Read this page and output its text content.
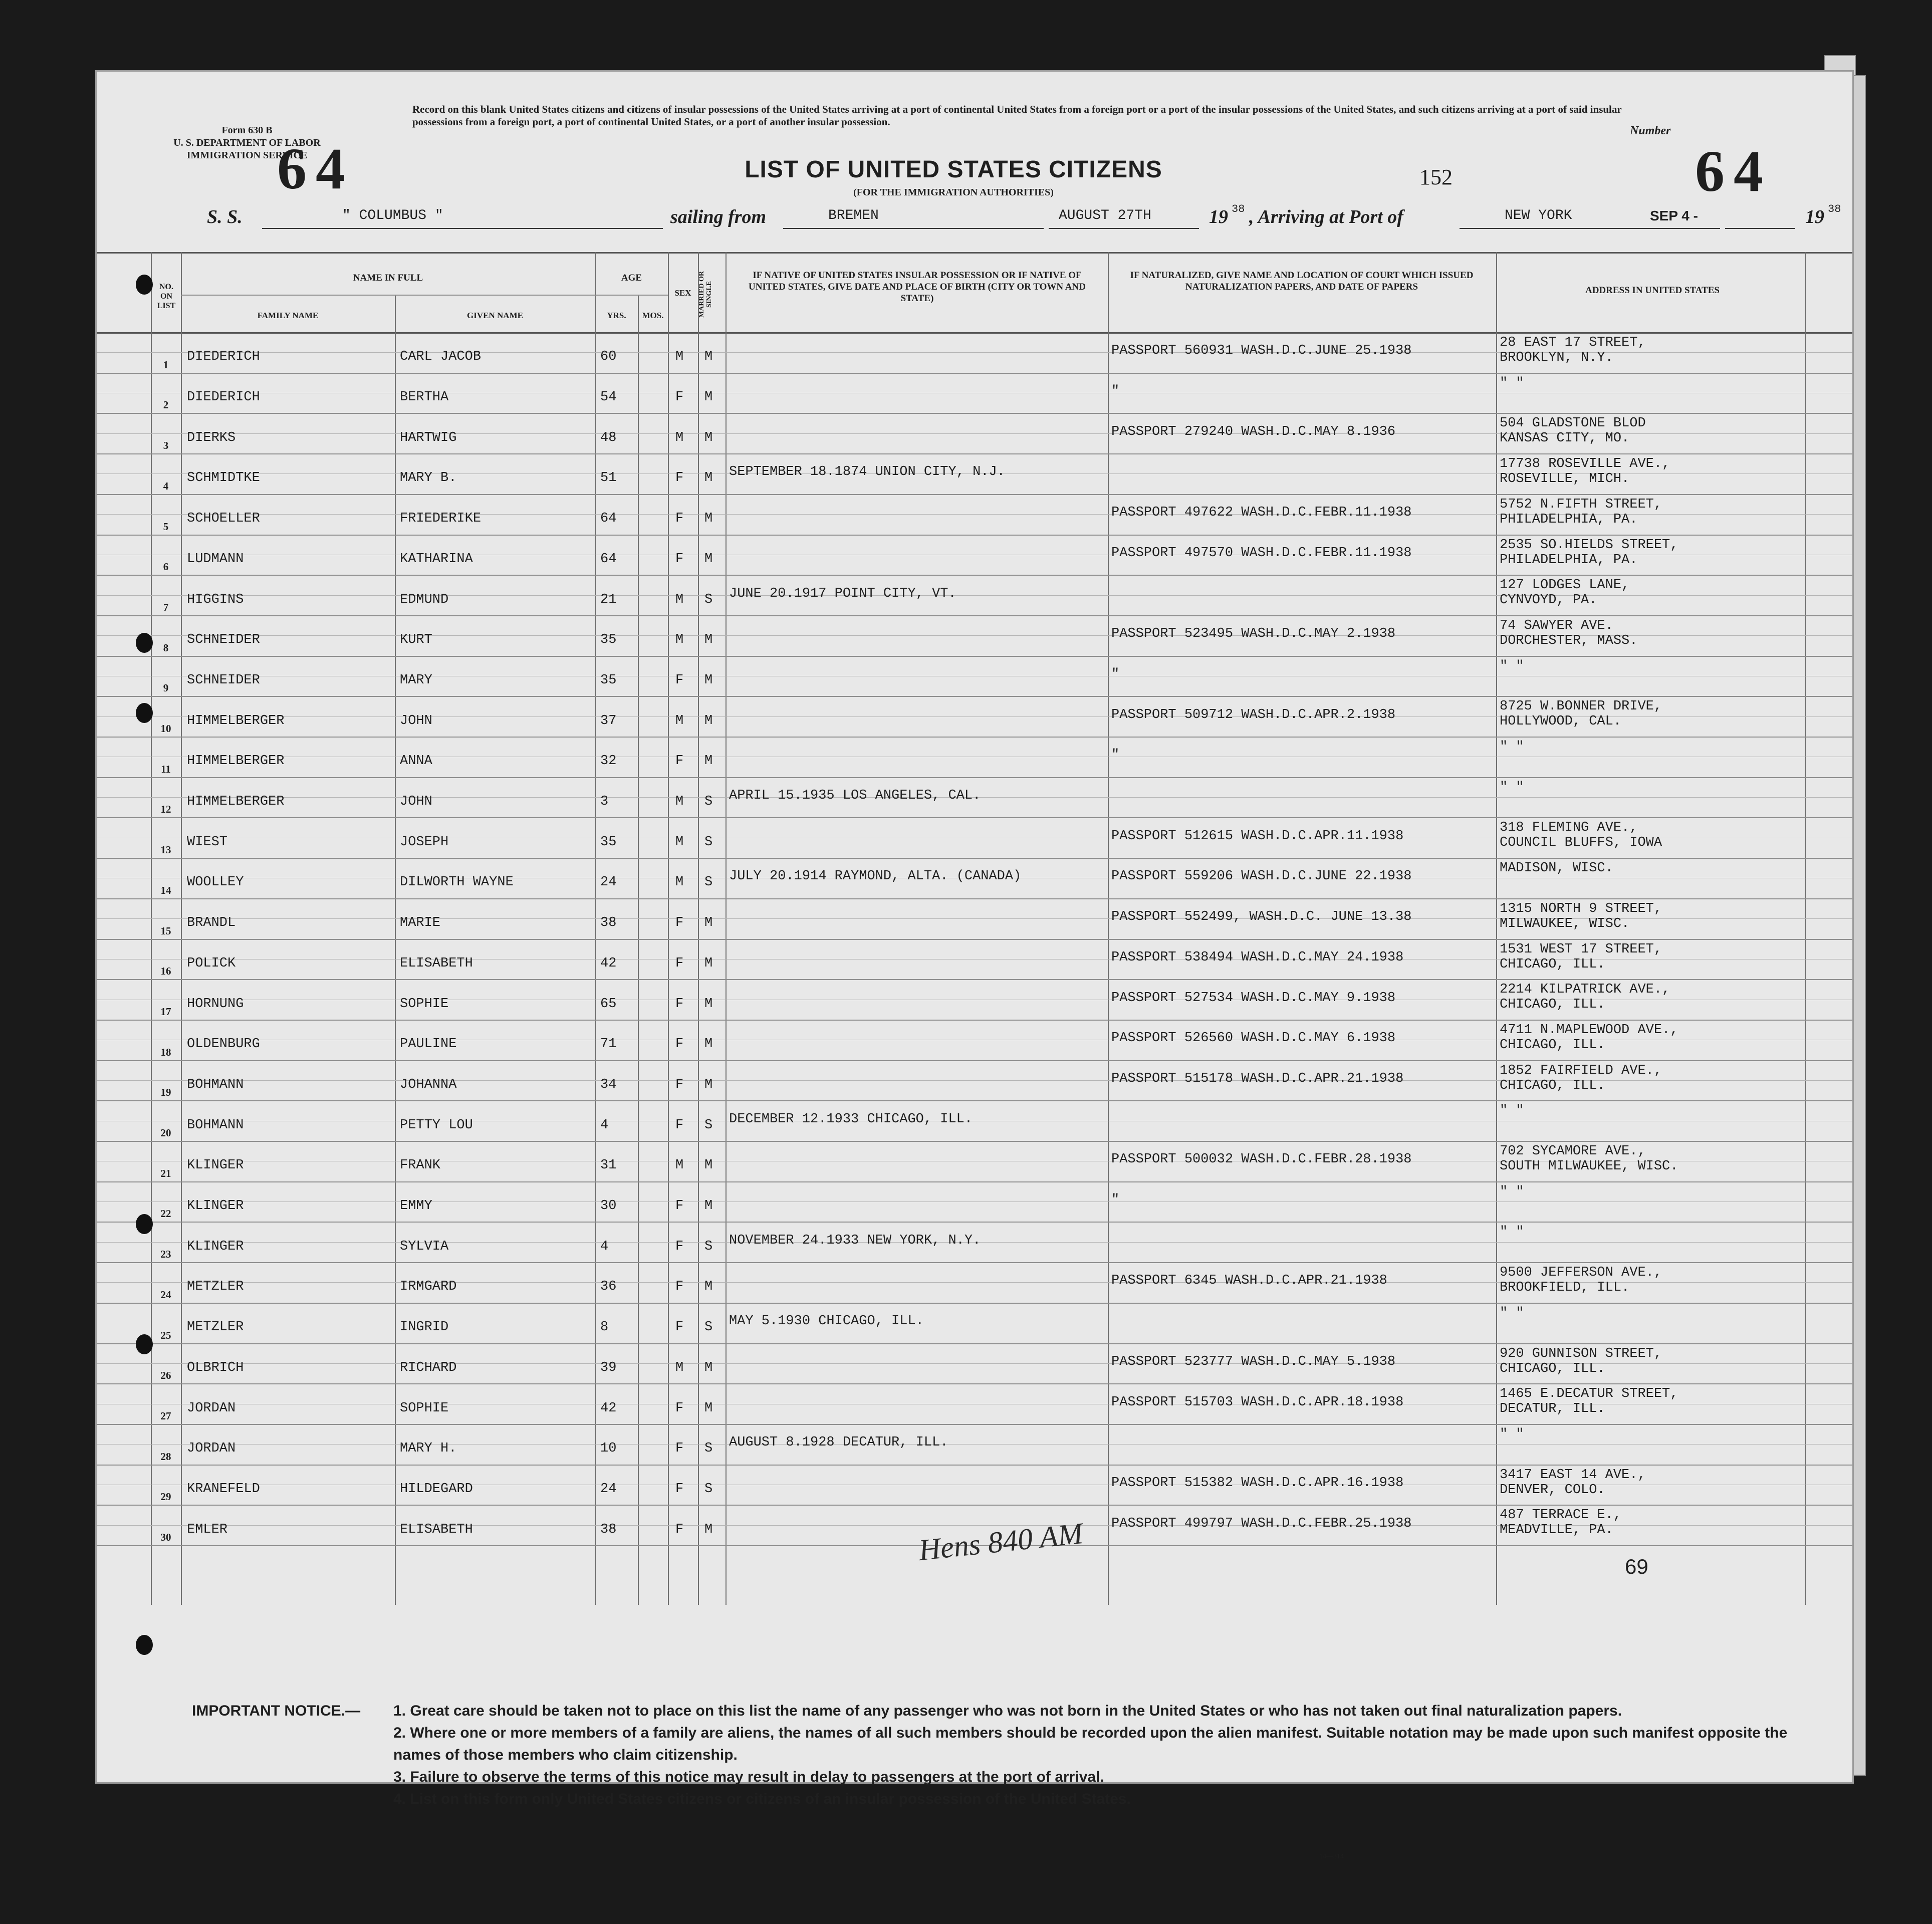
Form 630 B
U. S. DEPARTMENT OF LABOR
IMMIGRATION SERVICE
64
Record on this blank United States citizens and citizens of insular possessions of the United States arriving at a port of continental United States from a foreign port or a port of the insular possessions of the United States, and such citizens arriving at a port of said insular possessions from a foreign port, a port of continental United States, or a port of another insular possession.
Number
LIST OF UNITED STATES CITIZENS
(FOR THE IMMIGRATION AUTHORITIES)
152	64
S. S.	" COLUMBUS "	sailing from	BREMEN	AUGUST 27TH	19 38 , Arriving at Port of	NEW YORK	SEP 4 -	19 38
NO. ON LIST
NAME IN FULL
FAMILY NAME	GIVEN NAME
AGE
YRS.	MOS.
SEX MARRIED OR SINGLE
IF NATIVE OF UNITED STATES INSULAR POSSESSION OR IF NATIVE OF UNITED STATES, GIVE DATE AND PLACE OF BIRTH (CITY OR TOWN AND STATE)
IF NATURALIZED, GIVE NAME AND LOCATION OF COURT WHICH ISSUED NATURALIZATION PAPERS, AND DATE OF PAPERS	ADDRESS IN UNITED STATES
1
DIEDERICH	CARL JACOB	60	M M	PASSPORT 560931 WASH.D.C.JUNE 25.1938
28 EAST 17 STREET,
BROOKLYN, N.Y.
2
DIEDERICH	BERTHA	54	F M	"
" "
3
DIERKS	HARTWIG	48	M M	PASSPORT 279240 WASH.D.C.MAY 8.1936
504 GLADSTONE BLOD
KANSAS CITY, MO.
4
SCHMIDTKE	MARY B.	51	F M SEPTEMBER 18.1874 UNION CITY, N.J.
17738 ROSEVILLE AVE.,
ROSEVILLE, MICH.
5
SCHOELLER	FRIEDERIKE	64	F M	PASSPORT 497622 WASH.D.C.FEBR.11.1938
5752 N.FIFTH STREET,
PHILADELPHIA, PA.
6
LUDMANN	KATHARINA	64	F M	PASSPORT 497570 WASH.D.C.FEBR.11.1938
2535 SO.HIELDS STREET,
PHILADELPHIA, PA.
7
HIGGINS	EDMUND	21	M S JUNE 20.1917 POINT CITY, VT.
127 LODGES LANE,
CYNVOYD, PA.
8
SCHNEIDER	KURT	35	M M	PASSPORT 523495 WASH.D.C.MAY 2.1938
74 SAWYER AVE.
DORCHESTER, MASS.
9
SCHNEIDER	MARY	35	F M	"
" "
10
HIMMELBERGER	JOHN	37	M M	PASSPORT 509712 WASH.D.C.APR.2.1938
8725 W.BONNER DRIVE,
HOLLYWOOD, CAL.
11
HIMMELBERGER	ANNA	32	F M	"
" "
12
HIMMELBERGER	JOHN	3	M S APRIL 15.1935 LOS ANGELES, CAL.
" "
13
WIEST	JOSEPH	35	M S	PASSPORT 512615 WASH.D.C.APR.11.1938
318 FLEMING AVE.,
COUNCIL BLUFFS, IOWA
14
WOOLLEY	DILWORTH WAYNE	24	M S JULY 20.1914 RAYMOND, ALTA. (CANADA)	PASSPORT 559206 WASH.D.C.JUNE 22.1938
MADISON, WISC.
15
BRANDL	MARIE	38	F M	PASSPORT 552499, WASH.D.C. JUNE 13.38
1315 NORTH 9 STREET,
MILWAUKEE, WISC.
16
POLICK	ELISABETH	42	F M	PASSPORT 538494 WASH.D.C.MAY 24.1938
1531 WEST 17 STREET,
CHICAGO, ILL.
17
HORNUNG	SOPHIE	65	F M	PASSPORT 527534 WASH.D.C.MAY 9.1938
2214 KILPATRICK AVE.,
CHICAGO, ILL.
18
OLDENBURG	PAULINE	71	F M	PASSPORT 526560 WASH.D.C.MAY 6.1938
4711 N.MAPLEWOOD AVE.,
CHICAGO, ILL.
19
BOHMANN	JOHANNA	34	F M	PASSPORT 515178 WASH.D.C.APR.21.1938
1852 FAIRFIELD AVE.,
CHICAGO, ILL.
20
BOHMANN	PETTY LOU	4	F S DECEMBER 12.1933 CHICAGO, ILL.
" "
21
KLINGER	FRANK	31	M M	PASSPORT 500032 WASH.D.C.FEBR.28.1938
702 SYCAMORE AVE.,
SOUTH MILWAUKEE, WISC.
22
KLINGER	EMMY	30	F M	"
" "
23
KLINGER	SYLVIA	4	F S NOVEMBER 24.1933 NEW YORK, N.Y.
" "
24
METZLER	IRMGARD	36	F M	PASSPORT 6345 WASH.D.C.APR.21.1938
9500 JEFFERSON AVE.,
BROOKFIELD, ILL.
25
METZLER	INGRID	8	F S MAY 5.1930 CHICAGO, ILL.
" "
26
OLBRICH	RICHARD	39	M M	PASSPORT 523777 WASH.D.C.MAY 5.1938
920 GUNNISON STREET,
CHICAGO, ILL.
27
JORDAN	SOPHIE	42	F M	PASSPORT 515703 WASH.D.C.APR.18.1938
1465 E.DECATUR STREET,
DECATUR, ILL.
28
JORDAN	MARY H.	10	F S AUGUST 8.1928 DECATUR, ILL.
" "
29
KRANEFELD	HILDEGARD	24	F S	PASSPORT 515382 WASH.D.C.APR.16.1938
3417 EAST 14 AVE.,
DENVER, COLO.
30
EMLER	ELISABETH	38	F M	PASSPORT 499797 WASH.D.C.FEBR.25.1938
487 TERRACE E.,
MEADVILLE, PA.
Hens 840 AM	69
IMPORTANT NOTICE.— 1. Great care should be taken not to place on this list the name of any passenger who was not born in the United States or who has not taken out final naturalization papers.
2. Where one or more members of a family are aliens, the names of all such members should be recorded upon the alien manifest. Suitable notation may be made upon such manifest opposite the names of those members who claim citizenship.
3. Failure to observe the terms of this notice may result in delay to passengers at the port of arrival.
4. List on this form only United States citizens or citizens of an insular possession of the United States.
14—314
